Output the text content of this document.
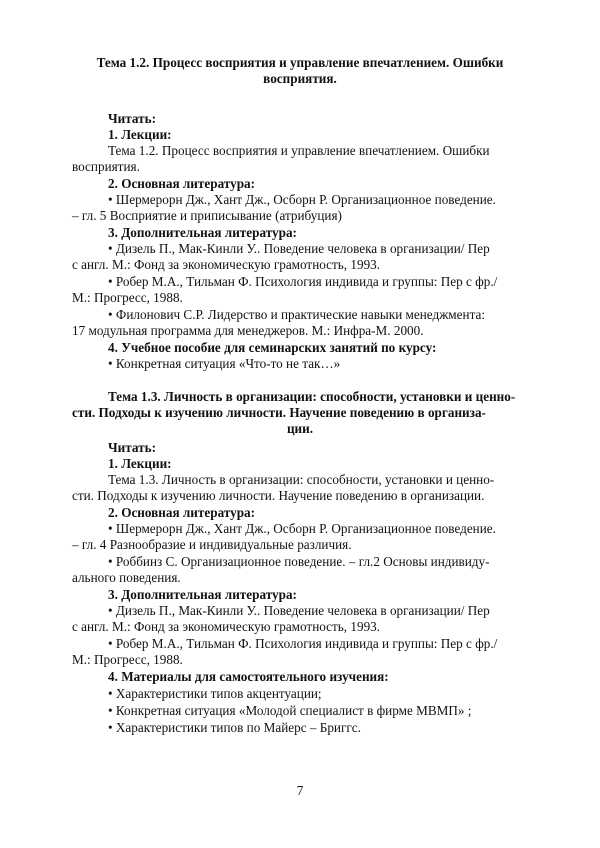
Тема 1.2. Процесс восприятия и управление впечатлением. Ошибки
восприятия.
Читать:
1. Лекции:
Тема 1.2. Процесс восприятия и управление впечатлением. Ошибки
восприятия.
2. Основная литература:
• Шермерорн Дж., Хант Дж., Осборн Р. Организационное поведение.
– гл. 5 Восприятие и приписывание (атрибуция)
3. Дополнительная литература:
• Дизель П., Мак-Кинли У.. Поведение человека в организации/ Пер
с англ. М.: Фонд за экономическую грамотность, 1993.
• Робер М.А., Тильман Ф. Психология индивида и группы: Пер с фр./
М.: Прогресс, 1988.
• Филонович С.Р. Лидерство и практические навыки менеджмента:
17 модульная программа для менеджеров. М.: Инфра-М. 2000.
4. Учебное пособие для семинарских занятий по курсу:
• Конкретная ситуация «Что-то не так…»
Тема 1.3. Личность в организации: способности, установки и ценно-
сти. Подходы к изучению личности. Научение поведению в организа-
ции.
Читать:
1. Лекции:
Тема 1.3. Личность в организации: способности, установки и ценно-
сти. Подходы к изучению личности. Научение поведению в организации.
2. Основная литература:
• Шермерорн Дж., Хант Дж., Осборн Р. Организационное поведение.
– гл. 4 Разнообразие и индивидуальные различия.
• Роббинз С. Организационное поведение. – гл.2 Основы индивиду-
ального поведения.
3. Дополнительная литература:
• Дизель П., Мак-Кинли У.. Поведение человека в организации/ Пер
с англ. М.: Фонд за экономическую грамотность, 1993.
• Робер М.А., Тильман Ф. Психология индивида и группы: Пер с фр./
М.: Прогресс, 1988.
4. Материалы для самостоятельного изучения:
• Характеристики типов акцентуации;
• Конкретная ситуация «Молодой специалист в фирме МВМП» ;
• Характеристики типов по Майерс – Бриггс.
7
